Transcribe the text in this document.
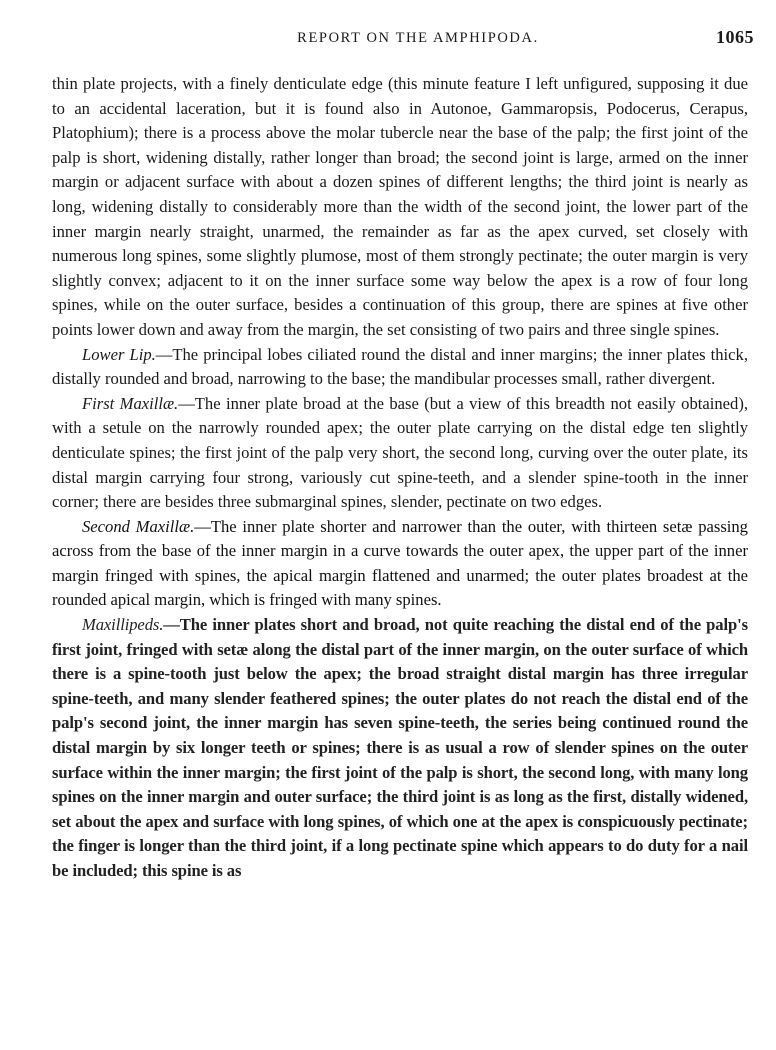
REPORT ON THE AMPHIPODA.	1065

thin plate projects, with a finely denticulate edge (this minute feature I left unfigured, supposing it due to an accidental laceration, but it is found also in Autonoe, Gammaropsis, Podocerus, Cerapus, Platophium); there is a process above the molar tubercle near the base of the palp; the first joint of the palp is short, widening distally, rather longer than broad; the second joint is large, armed on the inner margin or adjacent surface with about a dozen spines of different lengths; the third joint is nearly as long, widening distally to considerably more than the width of the second joint, the lower part of the inner margin nearly straight, unarmed, the remainder as far as the apex curved, set closely with numerous long spines, some slightly plumose, most of them strongly pectinate; the outer margin is very slightly convex; adjacent to it on the inner surface some way below the apex is a row of four long spines, while on the outer surface, besides a continuation of this group, there are spines at five other points lower down and away from the margin, the set consisting of two pairs and three single spines.

Lower Lip.—The principal lobes ciliated round the distal and inner margins; the inner plates thick, distally rounded and broad, narrowing to the base; the mandibular processes small, rather divergent.

First Maxillæ.—The inner plate broad at the base (but a view of this breadth not easily obtained), with a setule on the narrowly rounded apex; the outer plate carrying on the distal edge ten slightly denticulate spines; the first joint of the palp very short, the second long, curving over the outer plate, its distal margin carrying four strong, variously cut spine-teeth, and a slender spine-tooth in the inner corner; there are besides three submarginal spines, slender, pectinate on two edges.

Second Maxillæ.—The inner plate shorter and narrower than the outer, with thirteen setæ passing across from the base of the inner margin in a curve towards the outer apex, the upper part of the inner margin fringed with spines, the apical margin flattened and unarmed; the outer plates broadest at the rounded apical margin, which is fringed with many spines.

Maxillipeds.—The inner plates short and broad, not quite reaching the distal end of the palp's first joint, fringed with setæ along the distal part of the inner margin, on the outer surface of which there is a spine-tooth just below the apex; the broad straight distal margin has three irregular spine-teeth, and many slender feathered spines; the outer plates do not reach the distal end of the palp's second joint, the inner margin has seven spine-teeth, the series being continued round the distal margin by six longer teeth or spines; there is as usual a row of slender spines on the outer surface within the inner margin; the first joint of the palp is short, the second long, with many long spines on the inner margin and outer surface; the third joint is as long as the first, distally widened, set about the apex and surface with long spines, of which one at the apex is conspicuously pectinate; the finger is longer than the third joint, if a long pectinate spine which appears to do duty for a nail be included; this spine is as
